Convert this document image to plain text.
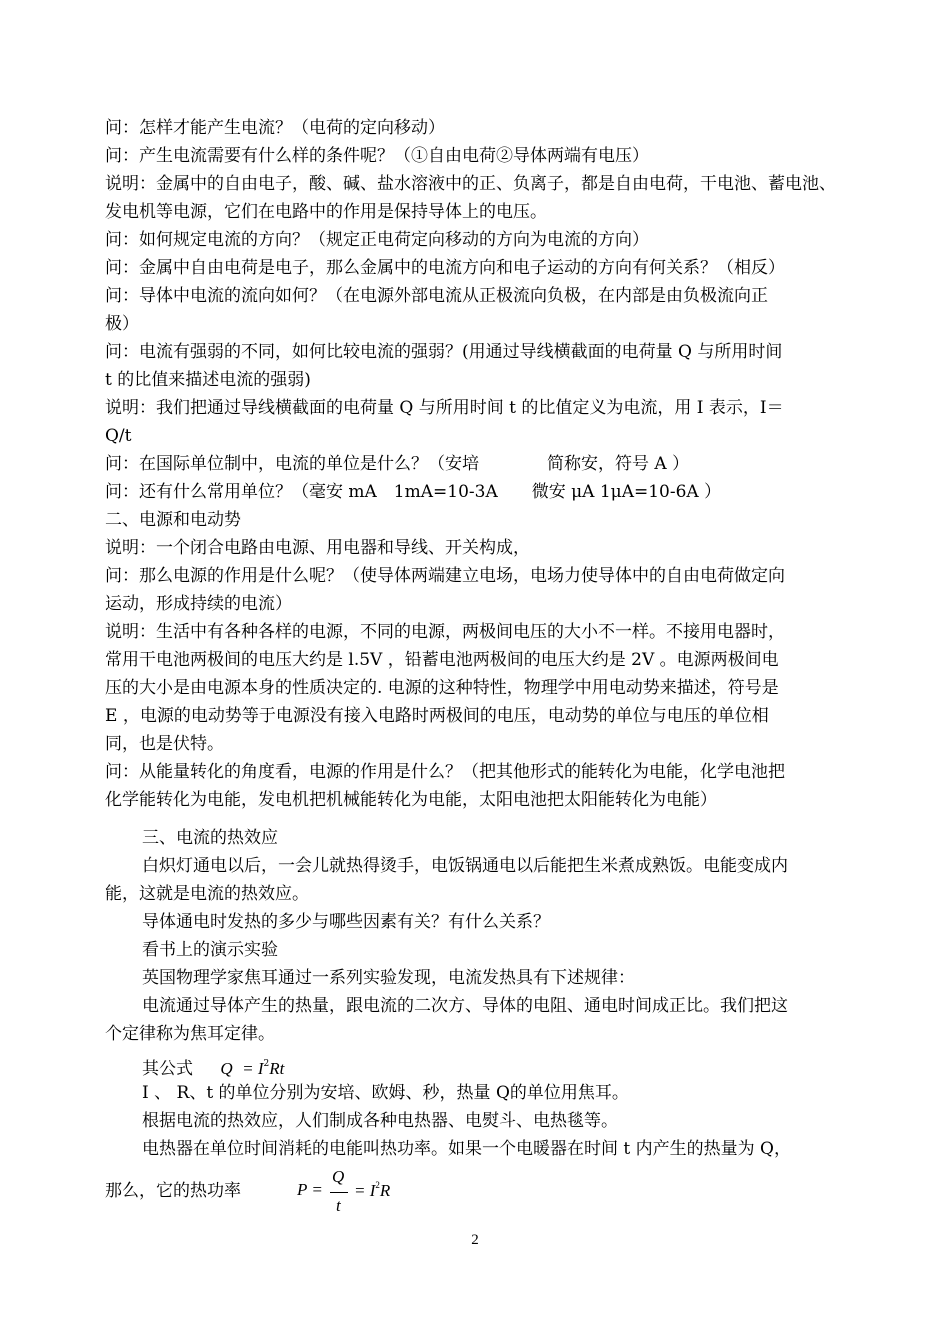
问：怎样才能产生电流？（电荷的定向移动）
问：产生电流需要有什么样的条件呢？（①自由电荷②导体两端有电压）
说明：金属中的自由电子，酸、碱、盐水溶液中的正、负离子，都是自由电荷，干电池、蓄电池、
发电机等电源，它们在电路中的作用是保持导体上的电压。
问：如何规定电流的方向？（规定正电荷定向移动的方向为电流的方向）
问：金属中自由电荷是电子，那么金属中的电流方向和电子运动的方向有何关系？（相反）
问：导体中电流的流向如何？（在电源外部电流从正极流向负极，在内部是由负极流向正
极）
问：电流有强弱的不同，如何比较电流的强弱？(用通过导线横截面的电荷量 Q 与所用时间
t 的比值来描述电流的强弱)
说明：我们把通过导线横截面的电荷量 Q 与所用时间 t 的比值定义为电流，用 I 表示，I＝
Q/t
问：在国际单位制中，电流的单位是什么？（安培　　　　简称安，符号 A ）
问：还有什么常用单位？（毫安 mA　1mA=10-3A　　微安 μA 1μA=10-6A ）
二、电源和电动势
说明：一个闭合电路由电源、用电器和导线、开关构成，
问：那么电源的作用是什么呢？（使导体两端建立电场，电场力使导体中的自由电荷做定向
运动，形成持续的电流）
说明：生活中有各种各样的电源，不同的电源，两极间电压的大小不一样。不接用电器时，
常用干电池两极间的电压大约是 l.5V ，铅蓄电池两极间的电压大约是 2V 。电源两极间电
压的大小是由电源本身的性质决定的. 电源的这种特性，物理学中用电动势来描述，符号是
E ，电源的电动势等于电源没有接入电路时两极间的电压，电动势的单位与电压的单位相
同，也是伏特。
问：从能量转化的角度看，电源的作用是什么？（把其他形式的能转化为电能，化学电池把
化学能转化为电能，发电机把机械能转化为电能，太阳电池把太阳能转化为电能）
三、电流的热效应
白炽灯通电以后，一会儿就热得烫手，电饭锅通电以后能把生米煮成熟饭。电能变成内
能，这就是电流的热效应。
导体通电时发热的多少与哪些因素有关？有什么关系？
看书上的演示实验
英国物理学家焦耳通过一系列实验发现，电流发热具有下述规律：
电流通过导体产生的热量，跟电流的二次方、导体的电阻、通电时间成正比。我们把这
个定律称为焦耳定律。
其公式 $Q = I^2Rt$
I 、 R、t 的单位分别为安培、欧姆、秒，热量 Q的单位用焦耳。
根据电流的热效应，人们制成各种电热器、电熨斗、电热毯等。
电热器在单位时间消耗的电能叫热功率。如果一个电暖器在时间 t 内产生的热量为 Q，
那么，它的热功率	P =
Q
t
= $I^2R$
2
